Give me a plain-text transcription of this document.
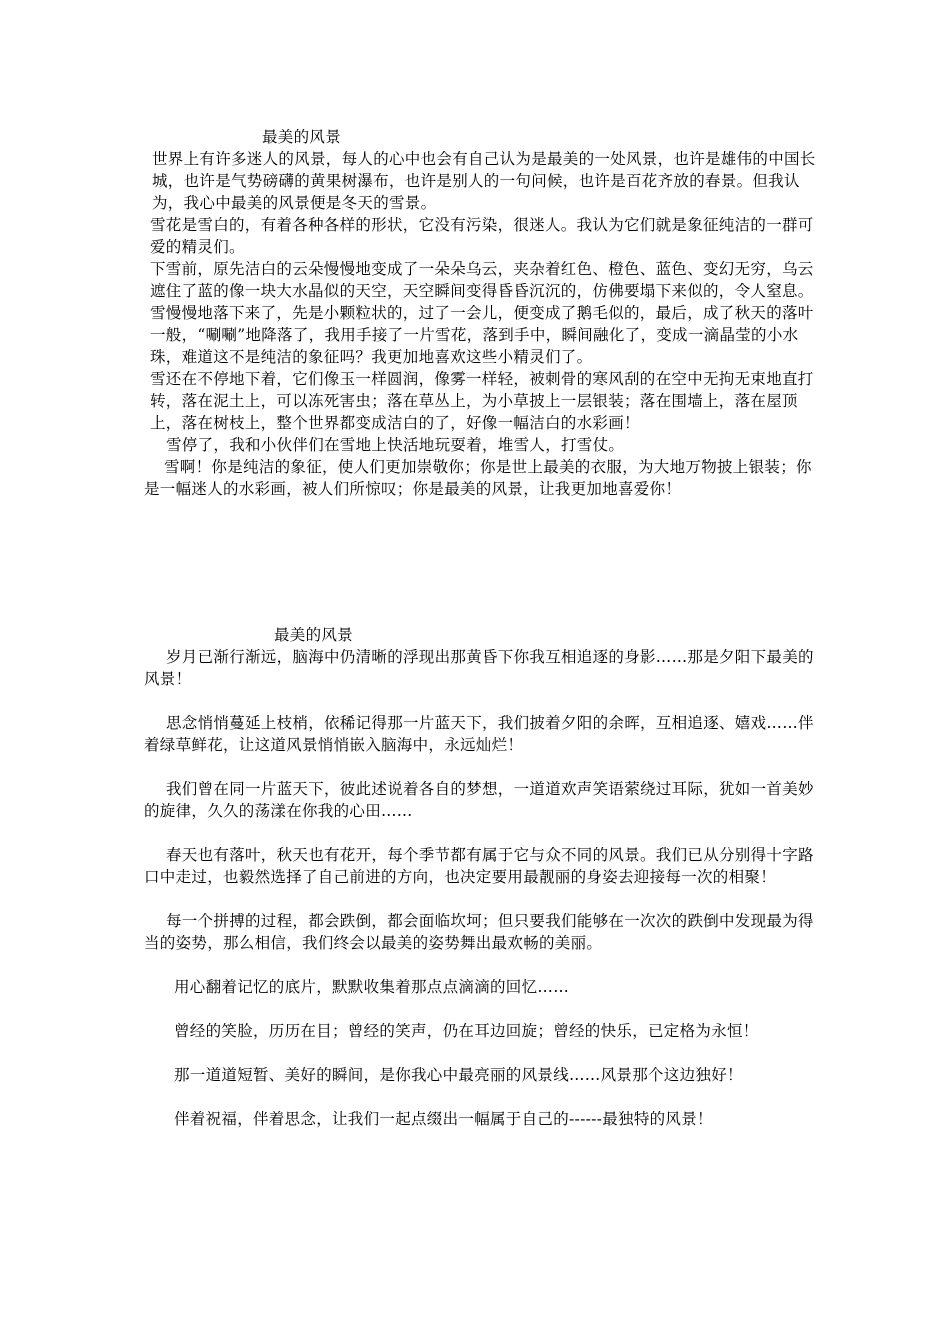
最美的风景

世界上有许多迷人的风景，每人的心中也会有自己认为是最美的一处风景，也许是雄伟的中国长城，也许是气势磅礴的黄果树瀑布，也许是别人的一句问候，也许是百花齐放的春景。但我认为，我心中最美的风景便是冬天的雪景。

雪花是雪白的，有着各种各样的形状，它没有污染，很迷人。我认为它们就是象征纯洁的一群可爱的精灵们。

下雪前，原先洁白的云朵慢慢地变成了一朵朵乌云，夹杂着红色、橙色、蓝色、变幻无穷，乌云遮住了蓝的像一块大水晶似的天空，天空瞬间变得昏昏沉沉的，仿佛要塌下来似的，令人窒息。雪慢慢地落下来了，先是小颗粒状的，过了一会儿，便变成了鹅毛似的，最后，成了秋天的落叶一般，“唰唰”地降落了，我用手接了一片雪花，落到手中，瞬间融化了，变成一滴晶莹的小水珠，难道这不是纯洁的象征吗？我更加地喜欢这些小精灵们了。

雪还在不停地下着，它们像玉一样圆润，像雾一样轻，被刺骨的寒风刮的在空中无拘无束地直打转，落在泥土上，可以冻死害虫；落在草丛上，为小草披上一层银装；落在围墙上，落在屋顶上，落在树枝上，整个世界都变成洁白的了，好像一幅洁白的水彩画！

雪停了，我和小伙伴们在雪地上快活地玩耍着，堆雪人，打雪仗。

雪啊！你是纯洁的象征，使人们更加崇敬你；你是世上最美的衣服，为大地万物披上银装；你是一幅迷人的水彩画，被人们所惊叹；你是最美的风景，让我更加地喜爱你！

最美的风景

岁月已渐行渐远，脑海中仍清晰的浮现出那黄昏下你我互相追逐的身影……那是夕阳下最美的风景！

思念悄悄蔓延上枝梢，依稀记得那一片蓝天下，我们披着夕阳的余晖，互相追逐、嬉戏……伴着绿草鲜花，让这道风景悄悄嵌入脑海中，永远灿烂！

我们曾在同一片蓝天下，彼此述说着各自的梦想，一道道欢声笑语萦绕过耳际，犹如一首美妙的旋律，久久的荡漾在你我的心田……

春天也有落叶，秋天也有花开，每个季节都有属于它与众不同的风景。我们已从分别得十字路口中走过，也毅然选择了自己前进的方向，也决定要用最靓丽的身姿去迎接每一次的相聚！

每一个拼搏的过程，都会跌倒，都会面临坎坷；但只要我们能够在一次次的跌倒中发现最为得当的姿势，那么相信，我们终会以最美的姿势舞出最欢畅的美丽。

用心翻着记忆的底片，默默收集着那点点滴滴的回忆……

曾经的笑脸，历历在目；曾经的笑声，仍在耳边回旋；曾经的快乐，已定格为永恒！

那一道道短暂、美好的瞬间，是你我心中最亮丽的风景线……风景那个这边独好！

伴着祝福，伴着思念，让我们一起点缀出一幅属于自己的------最独特的风景！
